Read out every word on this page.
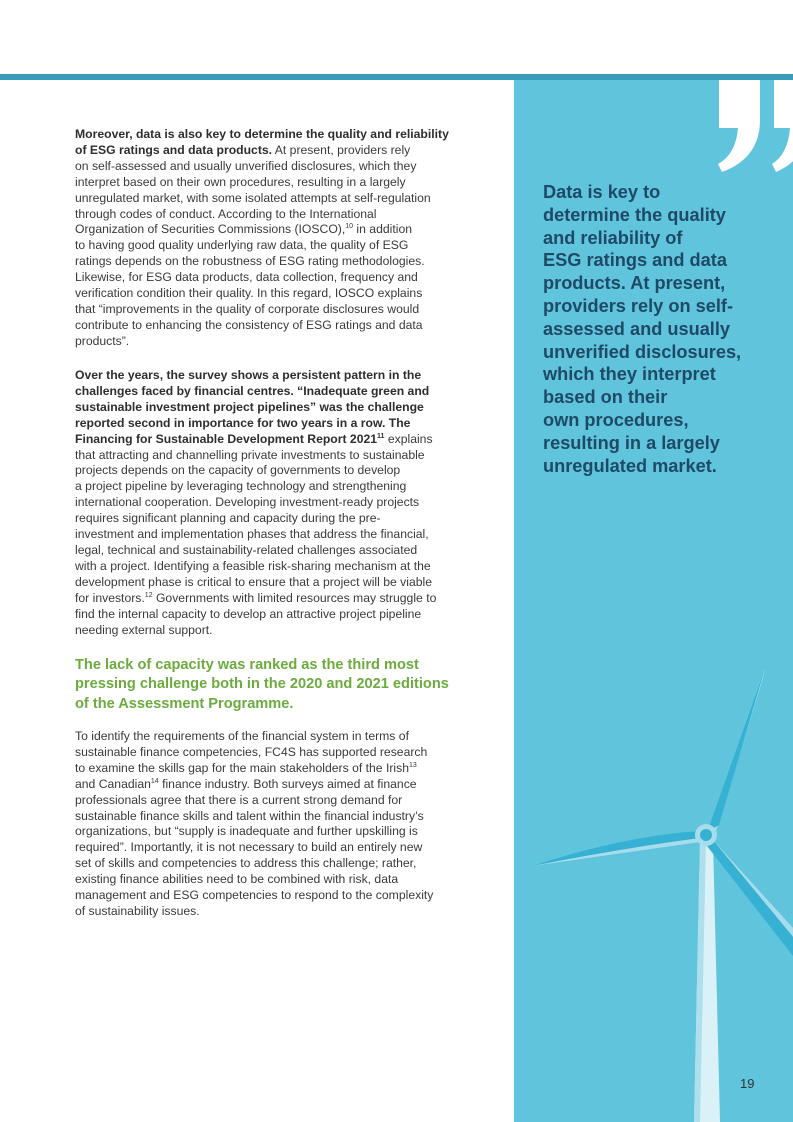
Data is key to
determine the quality
and reliability of
ESG ratings and data
products. At present,
providers rely on self-
assessed and usually
unverified disclosures,
which they interpret
based on their
own procedures,
resulting in a largely
unregulated market.

Moreover, data is also key to determine the quality and reliability
of ESG ratings and data products. At present, providers rely
on self-assessed and usually unverified disclosures, which they
interpret based on their own procedures, resulting in a largely
unregulated market, with some isolated attempts at self-regulation
through codes of conduct. According to the International
Organization of Securities Commissions (IOSCO),$^{10}$ in addition
to having good quality underlying raw data, the quality of ESG
ratings depends on the robustness of ESG rating methodologies.
Likewise, for ESG data products, data collection, frequency and
verification condition their quality. In this regard, IOSCO explains
that “improvements in the quality of corporate disclosures would
contribute to enhancing the consistency of ESG ratings and data
products”.

Over the years, the survey shows a persistent pattern in the
challenges faced by financial centres. “Inadequate green and
sustainable investment project pipelines” was the challenge
reported second in importance for two years in a row. The
Financing for Sustainable Development Report 2021$^{11}$ explains
that attracting and channelling private investments to sustainable
projects depends on the capacity of governments to develop
a project pipeline by leveraging technology and strengthening
international cooperation. Developing investment-ready projects
requires significant planning and capacity during the pre-
investment and implementation phases that address the financial,
legal, technical and sustainability-related challenges associated
with a project. Identifying a feasible risk-sharing mechanism at the
development phase is critical to ensure that a project will be viable
for investors.$^{12}$ Governments with limited resources may struggle to
find the internal capacity to develop an attractive project pipeline
needing external support.

The lack of capacity was ranked as the third most
pressing challenge both in the 2020 and 2021 editions
of the Assessment Programme.

To identify the requirements of the financial system in terms of
sustainable finance competencies, FC4S has supported research
to examine the skills gap for the main stakeholders of the Irish$^{13}$
and Canadian$^{14}$ finance industry. Both surveys aimed at finance
professionals agree that there is a current strong demand for
sustainable finance skills and talent within the financial industry’s
organizations, but “supply is inadequate and further upskilling is
required”. Importantly, it is not necessary to build an entirely new
set of skills and competencies to address this challenge; rather,
existing finance abilities need to be combined with risk, data
management and ESG competencies to respond to the complexity
of sustainability issues.

19
